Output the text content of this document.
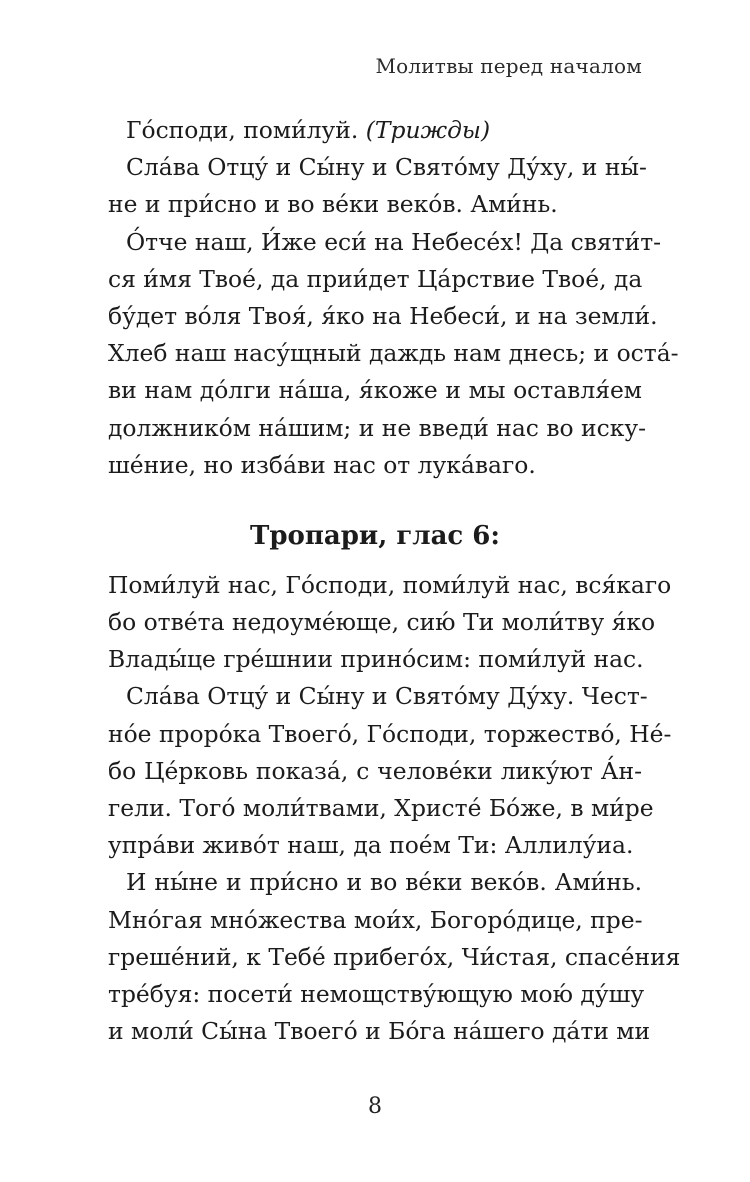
Молитвы перед началом
Го́споди, поми́луй. (Трижды)
Сла́ва Отцу́ и Сы́ну и Свято́му Ду́ху, и ны́-
не и при́сно и во ве́ки веко́в. Ами́нь.
О́тче наш, И́же еси́ на Небесе́х! Да святи́т-
ся и́мя Твое́, да прии́дет Ца́рствие Твое́, да
бу́дет во́ля Твоя́, я́ко на Небеси́, и на земли́.
Хлеб наш насу́щный даждь нам днесь; и оста́-
ви нам до́лги на́ша, я́коже и мы оставля́ем
должнико́м на́шим; и не введи́ нас во иску-
ше́ние, но изба́ви нас от лука́ваго.
Тропари, глас 6:
Поми́луй нас, Го́споди, поми́луй нас, вся́каго
бо отве́та недоуме́юще, сию́ Ти моли́тву я́ко
Влады́це гре́шнии прино́сим: поми́луй нас.
Сла́ва Отцу́ и Сы́ну и Свято́му Ду́ху. Чест-
но́е проро́ка Твоего́, Го́споди, торжество́, Не́-
бо Це́рковь показа́, с челове́ки лику́ют А́н-
гели. Того́ моли́твами, Христе́ Бо́же, в ми́ре
упра́ви живо́т наш, да пое́м Ти: Аллилу́иа.
И ны́не и при́сно и во ве́ки веко́в. Ами́нь.
Мно́гая мно́жества мои́х, Богоро́дице, пре-
греше́ний, к Тебе́ прибего́х, Чи́стая, спасе́ния
тре́буя: посети́ немощству́ющую мою́ ду́шу
и моли́ Сы́на Твоего́ и Бо́га на́шего да́ти ми
8
